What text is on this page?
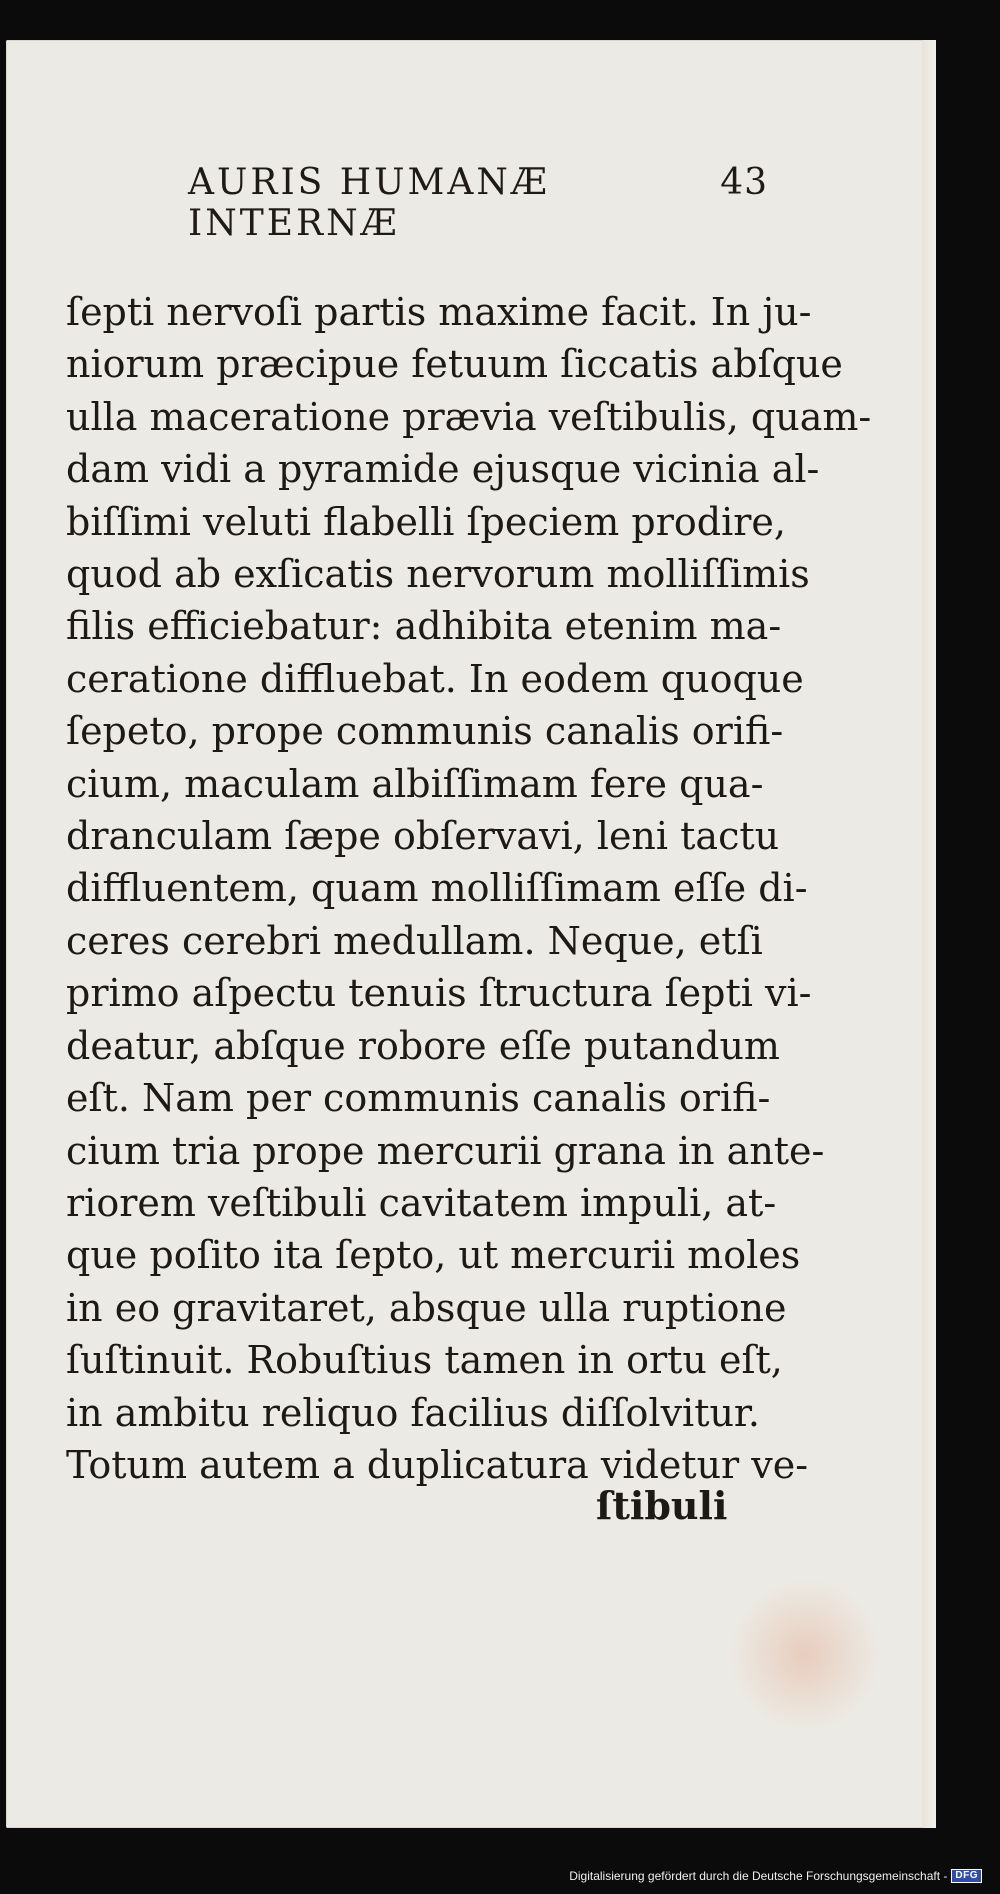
AURIS HUMANÆ INTERNÆ
43
ſepti nervoſi partis maxime facit. In ju-
niorum præcipue fetuum ſiccatis abſque
ulla maceratione prævia veſtibulis, quam-
dam vidi a pyramide ejusque vicinia al-
biſſimi veluti flabelli ſpeciem prodire,
quod ab exſicatis nervorum molliſſimis
filis efficiebatur: adhibita etenim ma-
ceratione diffluebat. In eodem quoque
ſepeto, prope communis canalis orifi-
cium, maculam albiſſimam fere qua-
dranculam ſæpe obſervavi, leni tactu
diffluentem, quam molliſſimam eſſe di-
ceres cerebri medullam. Neque, etſi
primo aſpectu tenuis ſtructura ſepti vi-
deatur, abſque robore eſſe putandum
eſt. Nam per communis canalis orifi-
cium tria prope mercurii grana in ante-
riorem veſtibuli cavitatem impuli, at-
que poſito ita ſepto, ut mercurii moles
in eo gravitaret, absque ulla ruptione
ſuſtinuit. Robuſtius tamen in ortu eſt,
in ambitu reliquo facilius diſſolvitur.
Totum autem a duplicatura videtur ve-
ſtibuli
Digitalisierung gefördert durch die Deutsche Forschungsgemeinschaft - DFG
